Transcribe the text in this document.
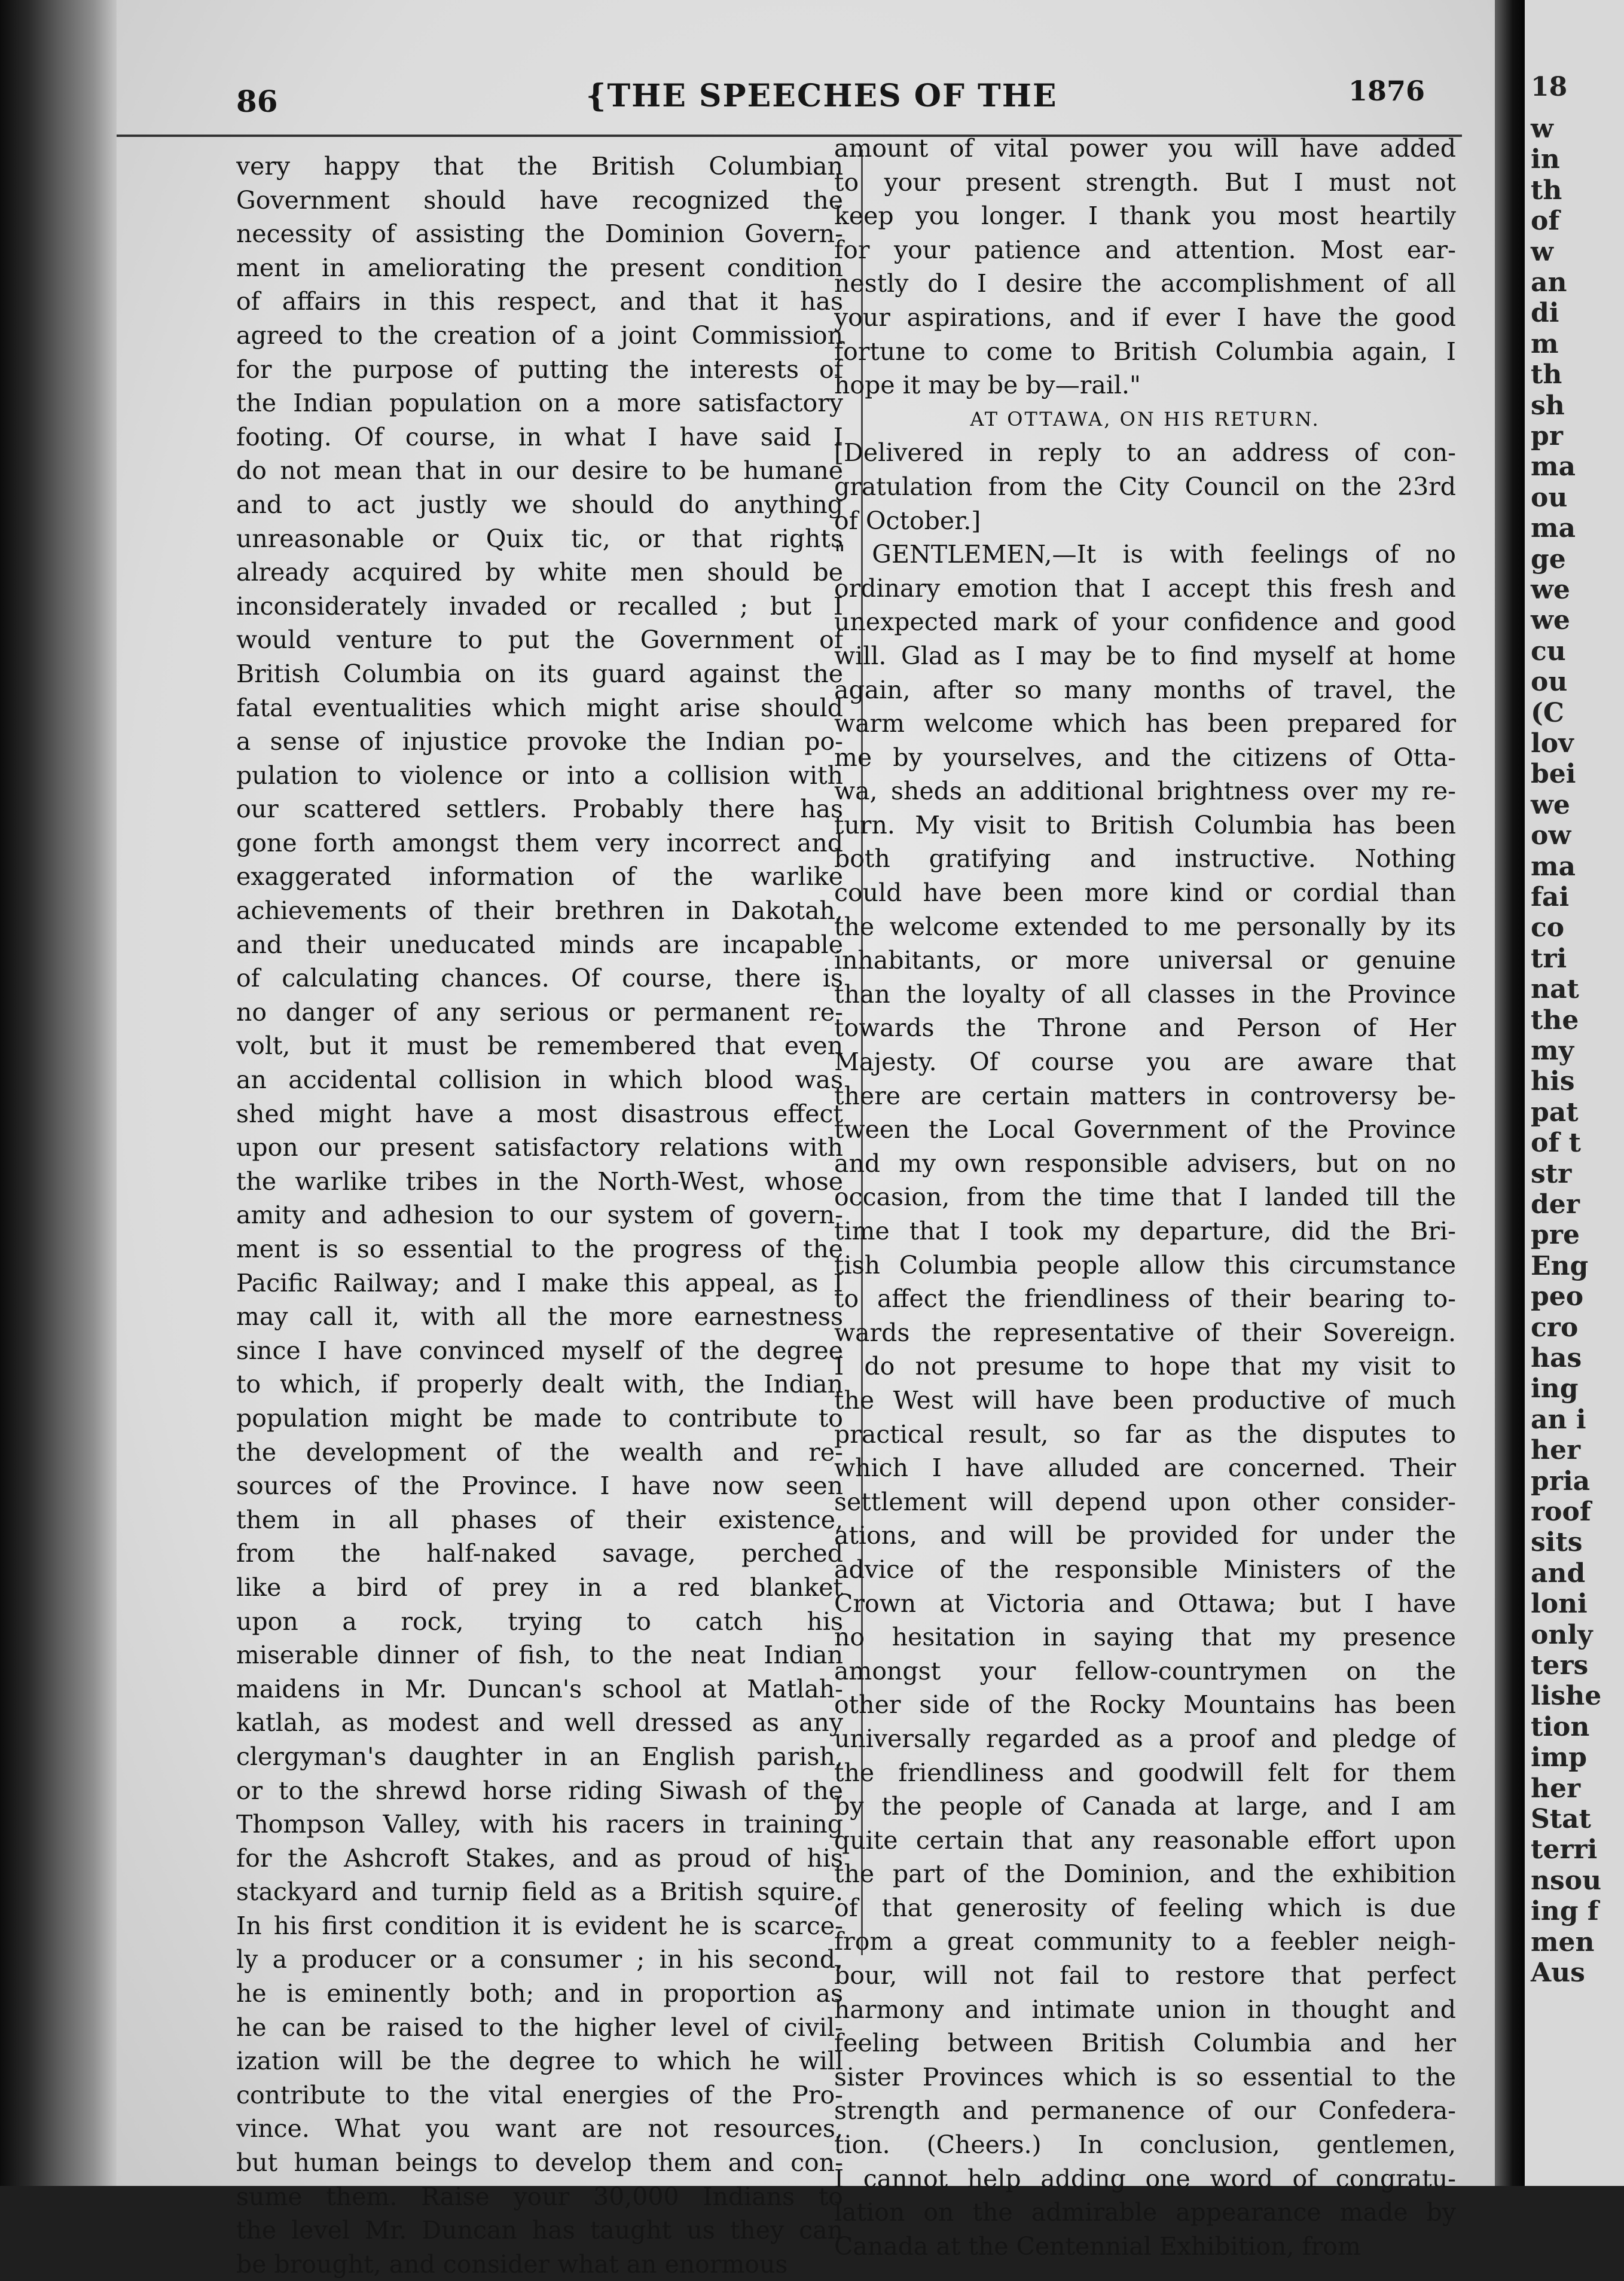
86	{THE SPEECHES OF THE	1876
very happy that the British Columbian
Government should have recognized the
necessity of assisting the Dominion Govern-
ment in ameliorating the present condition
of affairs in this respect, and that it has
agreed to the creation of a joint Commission
for the purpose of putting the interests of
the Indian population on a more satisfactory
footing. Of course, in what I have said I
do not mean that in our desire to be humane
and to act justly we should do anything
unreasonable or Quix tic, or that rights
already acquired by white men should be
inconsiderately invaded or recalled ; but I
would venture to put the Government of
British Columbia on its guard against the
fatal eventualities which might arise should
a sense of injustice provoke the Indian po-
pulation to violence or into a collision with
our scattered settlers. Probably there has
gone forth amongst them very incorrect and
exaggerated information of the warlike
achievements of their brethren in Dakotah,
and their uneducated minds are incapable
of calculating chances. Of course, there is
no danger of any serious or permanent re-
volt, but it must be remembered that even
an accidental collision in which blood was
shed might have a most disastrous effect
upon our present satisfactory relations with
the warlike tribes in the North-West, whose
amity and adhesion to our system of govern-
ment is so essential to the progress of the
Pacific Railway; and I make this appeal, as I
may call it, with all the more earnestness
since I have convinced myself of the degree
to which, if properly dealt with, the Indian
population might be made to contribute to
the development of the wealth and re-
sources of the Province. I have now seen
them in all phases of their existence,
from the half-naked savage, perched
like a bird of prey in a red blanket
upon a rock, trying to catch his
miserable dinner of fish, to the neat Indian
maidens in Mr. Duncan's school at Matlah-
katlah, as modest and well dressed as any
clergyman's daughter in an English parish,
or to the shrewd horse riding Siwash of the
Thompson Valley, with his racers in training
for the Ashcroft Stakes, and as proud of his
stackyard and turnip field as a British squire.
In his first condition it is evident he is scarce-
ly a producer or a consumer ; in his second,
he is eminently both; and in proportion as
he can be raised to the higher level of civil-
ization will be the degree to which he will
contribute to the vital energies of the Pro-
vince. What you want are not resources,
but human beings to develop them and con-
sume them. Raise your 30,000 Indians to
the level Mr. Duncan has taught us they can
be brought, and consider what an enormous
amount of vital power you will have added
to your present strength. But I must not
keep you longer. I thank you most heartily
for your patience and attention. Most ear-
nestly do I desire the accomplishment of all
your aspirations, and if ever I have the good
fortune to come to British Columbia again, I
hope it may be by—rail."
AT OTTAWA, ON HIS RETURN.
[Delivered in reply to an address of con-
gratulation from the City Council on the 23rd
of October.]
" GENTLEMEN,—It is with feelings of no
ordinary emotion that I accept this fresh and
unexpected mark of your confidence and good
will. Glad as I may be to find myself at home
again, after so many months of travel, the
warm welcome which has been prepared for
me by yourselves, and the citizens of Otta-
wa, sheds an additional brightness over my re-
turn. My visit to British Columbia has been
both gratifying and instructive. Nothing
could have been more kind or cordial than
the welcome extended to me personally by its
inhabitants, or more universal or genuine
than the loyalty of all classes in the Province
towards the Throne and Person of Her
Majesty. Of course you are aware that
there are certain matters in controversy be-
tween the Local Government of the Province
and my own responsible advisers, but on no
occasion, from the time that I landed till the
time that I took my departure, did the Bri-
tish Columbia people allow this circumstance
to affect the friendliness of their bearing to-
wards the representative of their Sovereign.
I do not presume to hope that my visit to
the West will have been productive of much
practical result, so far as the disputes to
which I have alluded are concerned. Their
settlement will depend upon other consider-
ations, and will be provided for under the
advice of the responsible Ministers of the
Crown at Victoria and Ottawa; but I have
no hesitation in saying that my presence
amongst your fellow-countrymen on the
other side of the Rocky Mountains has been
universally regarded as a proof and pledge of
the friendliness and goodwill felt for them
by the people of Canada at large, and I am
quite certain that any reasonable effort upon
the part of the Dominion, and the exhibition
of that generosity of feeling which is due
from a great community to a feebler neigh-
bour, will not fail to restore that perfect
harmony and intimate union in thought and
feeling between British Columbia and her
sister Provinces which is so essential to the
strength and permanence of our Confedera-
tion. (Cheers.) In conclusion, gentlemen,
I cannot help adding one word of congratu-
lation on the admirable appearance made by
Canada at the Centennial Exhibition, from
18
w
in
th
of
w
an
di
m
th
sh
pr
ma
ou
ma
ge
we
we
cu
ou
(C
lov
bei
we
ow
ma
fai
co
tri
nat
the
my
his
pat
of t
str
der
pre
Eng
peo
cro
has
ing
an i
her
pria
roof
sits
and
loni
only
ters
lishe
tion
imp
her
Stat
terri
nsou
ing f
men
Aus
